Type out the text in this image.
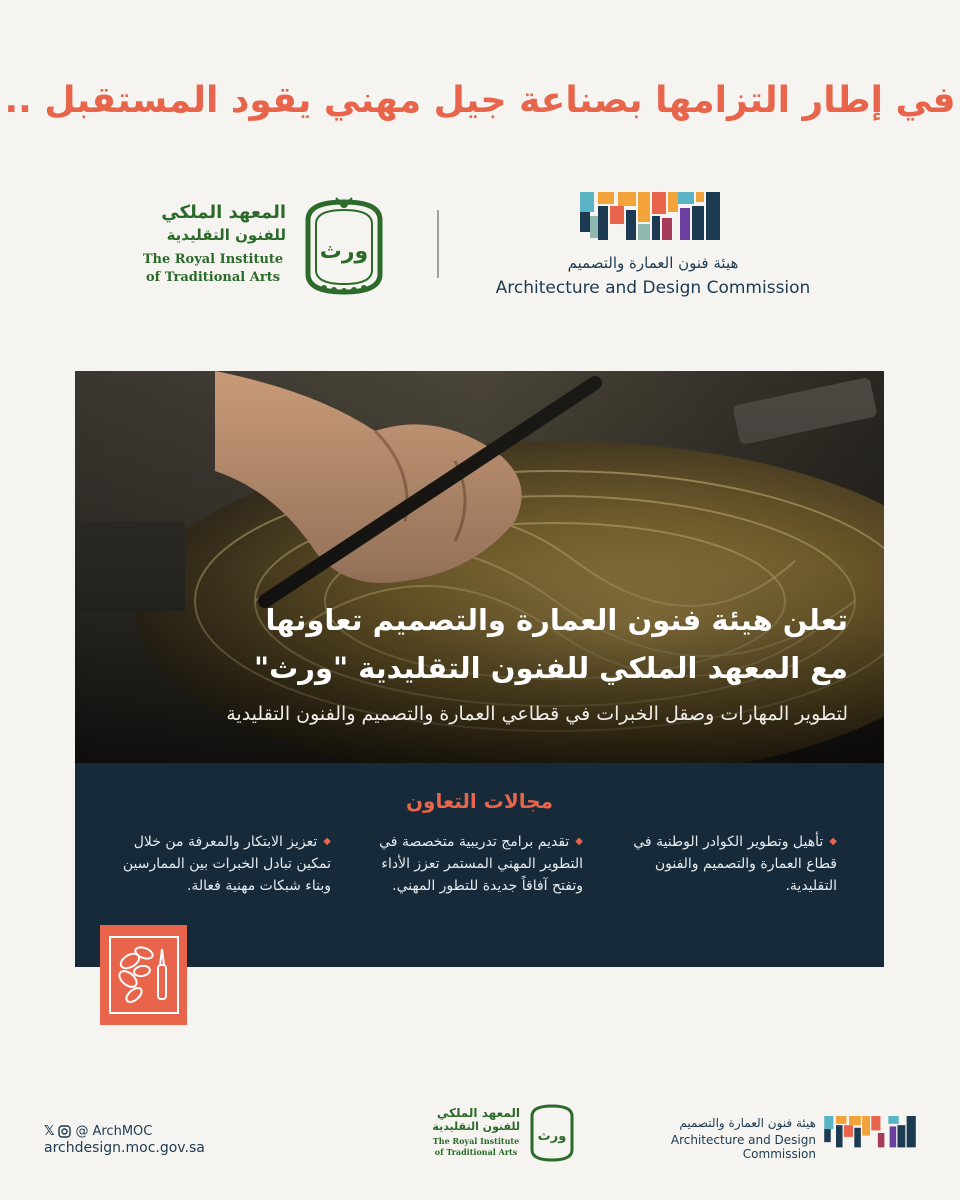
في إطار التزامها بصناعة جيل مهني يقود المستقبل ..
هيئة فنون العمارة والتصميم
Architecture and Design Commission
المعهد الملكي
للفنون التقليدية
The Royal Institute
of Traditional Arts
ورث
تعلن هيئة فنون العمارة والتصميم تعاونها
مع المعهد الملكي للفنون التقليدية "ورث"
لتطوير المهارات وصقل الخبرات في قطاعي العمارة والتصميم والفنون التقليدية
مجالات التعاون
◆تأهيل وتطوير الكوادر الوطنية في قطاع العمارة والتصميم والفنون التقليدية.
◆تقديم برامج تدريبية متخصصة في التطوير المهني المستمر تعزز الأداء وتفتح آفاقاً جديدة للتطور المهني.
◆تعزيز الابتكار والمعرفة من خلال تمكين تبادل الخبرات بين الممارسين وبناء شبكات مهنية فعالة.
𝕏 @ ArchMOC
archdesign.moc.gov.sa
المعهد الملكي
للفنون التقليدية
The Royal Institute
of Traditional Arts
ورث
هيئة فنون العمارة والتصميم
Architecture and Design Commission
